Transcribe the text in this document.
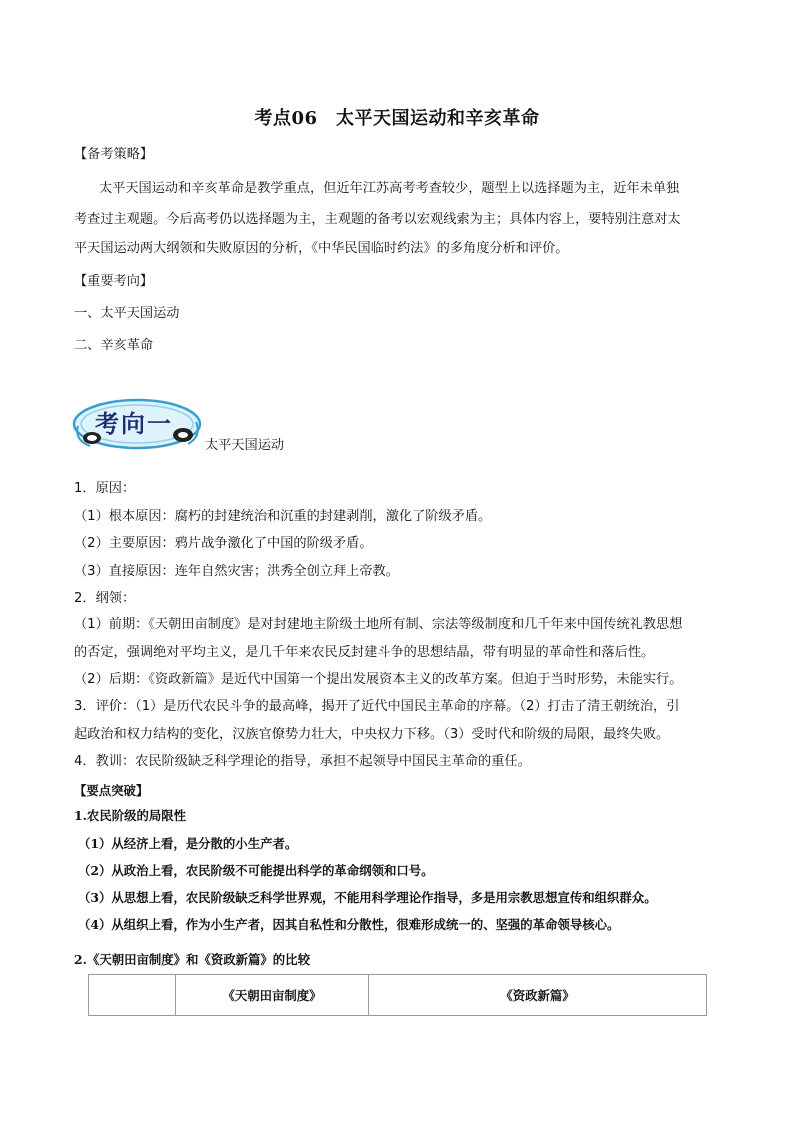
考点06　太平天国运动和辛亥革命
【备考策略】
太平天国运动和辛亥革命是教学重点，但近年江苏高考考查较少，题型上以选择题为主，近年未单独
考查过主观题。今后高考仍以选择题为主，主观题的备考以宏观线索为主；具体内容上，要特别注意对太
平天国运动两大纲领和失败原因的分析，《中华民国临时约法》的多角度分析和评价。
【重要考向】
一、太平天国运动
二、辛亥革命
考向一
太平天国运动
1．原因：
（1）根本原因：腐朽的封建统治和沉重的封建剥削，激化了阶级矛盾。
（2）主要原因：鸦片战争激化了中国的阶级矛盾。
（3）直接原因：连年自然灾害；洪秀全创立拜上帝教。
2．纲领：
（1）前期：《天朝田亩制度》是对封建地主阶级土地所有制、宗法等级制度和几千年来中国传统礼教思想
的否定，强调绝对平均主义，是几千年来农民反封建斗争的思想结晶，带有明显的革命性和落后性。
（2）后期：《资政新篇》是近代中国第一个提出发展资本主义的改革方案。但迫于当时形势，未能实行。
3．评价：（1）是历代农民斗争的最高峰，揭开了近代中国民主革命的序幕。（2）打击了清王朝统治，引
起政治和权力结构的变化，汉族官僚势力壮大，中央权力下移。（3）受时代和阶级的局限，最终失败。
4．教训：农民阶级缺乏科学理论的指导，承担不起领导中国民主革命的重任。
【要点突破】
1.农民阶级的局限性
（1）从经济上看，是分散的小生产者。
（2）从政治上看，农民阶级不可能提出科学的革命纲领和口号。
（3）从思想上看，农民阶级缺乏科学世界观，不能用科学理论作指导，多是用宗教思想宣传和组织群众。
（4）从组织上看，作为小生产者，因其自私性和分散性，很难形成统一的、坚强的革命领导核心。
2.《天朝田亩制度》和《资政新篇》的比较
	《天朝田亩制度》	《资政新篇》
